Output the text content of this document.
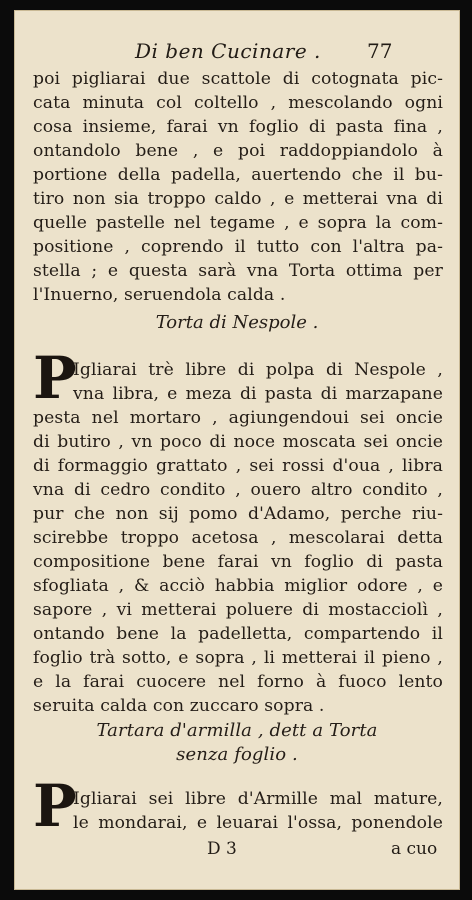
Di ben Cucinare . 77
poi pigliarai due scattole di cotognata pic-
cata minuta col coltello , mescolando ogni
cosa insieme, farai vn foglio di pasta fina ,
ontandolo bene , e poi raddoppiandolo à
portione della padella, auertendo che il bu-
tiro non sia troppo caldo , e metterai vna di
quelle pastelle nel tegame , e sopra la com-
positione , coprendo il tutto con l'altra pa-
stella ; e questa sarà vna Torta ottima per
l'Inuerno, seruendola calda .
Torta di Nespole .
P
Igliarai trè libre di polpa di Nespole ,
vna libra, e meza di pasta di marzapane
pesta nel mortaro , agiungendoui sei oncie
di butiro , vn poco di noce moscata sei oncie
di formaggio grattato , sei rossi d'oua , libra
vna di cedro condito , ouero altro condito ,
pur che non sij pomo d'Adamo, perche riu-
scirebbe troppo acetosa , mescolarai detta
compositione bene farai vn foglio di pasta
sfogliata , & acciò habbia miglior odore , e
sapore , vi metterai poluere di mostacciolì ,
ontando bene la padelletta, compartendo il
foglio trà sotto, e sopra , li metterai il pieno ,
e la farai cuocere nel forno à fuoco lento
seruita calda con zuccaro sopra .
Tartara d'armilla , dett a Torta
senza foglio .
P
Igliarai sei libre d'Armille mal mature,
le mondarai, e leuarai l'ossa, ponendole
D 3	a cuo
